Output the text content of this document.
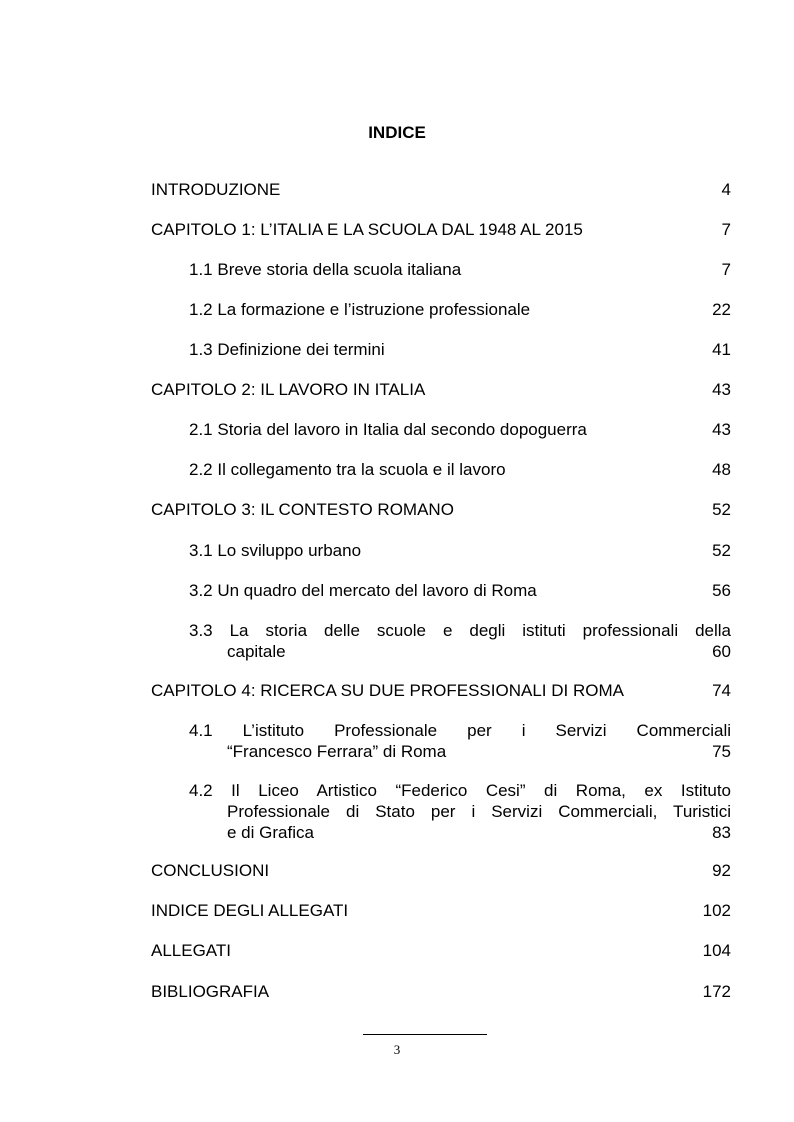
INDICE
INTRODUZIONE	4
CAPITOLO 1: L’ITALIA E LA SCUOLA DAL 1948 AL 2015	7
1.1 Breve storia della scuola italiana	7
1.2 La formazione e l’istruzione professionale	22
1.3 Definizione dei termini	41
CAPITOLO 2: IL LAVORO IN ITALIA	43
2.1 Storia del lavoro in Italia dal secondo dopoguerra	43
2.2 Il collegamento tra la scuola e il lavoro	48
CAPITOLO 3: IL CONTESTO ROMANO	52
3.1 Lo sviluppo urbano	52
3.2 Un quadro del mercato del lavoro di Roma	56
3.3 La storia delle scuole e degli istituti professionali della
capitale	60
CAPITOLO 4: RICERCA SU DUE PROFESSIONALI DI ROMA	74
4.1 L’istituto Professionale per i Servizi Commerciali
“Francesco Ferrara” di Roma	75
4.2 Il Liceo Artistico “Federico Cesi” di Roma, ex Istituto
Professionale di Stato per i Servizi Commerciali, Turistici
e di Grafica	83
CONCLUSIONI	92
INDICE DEGLI ALLEGATI	102
ALLEGATI	104
BIBLIOGRAFIA	172
3
